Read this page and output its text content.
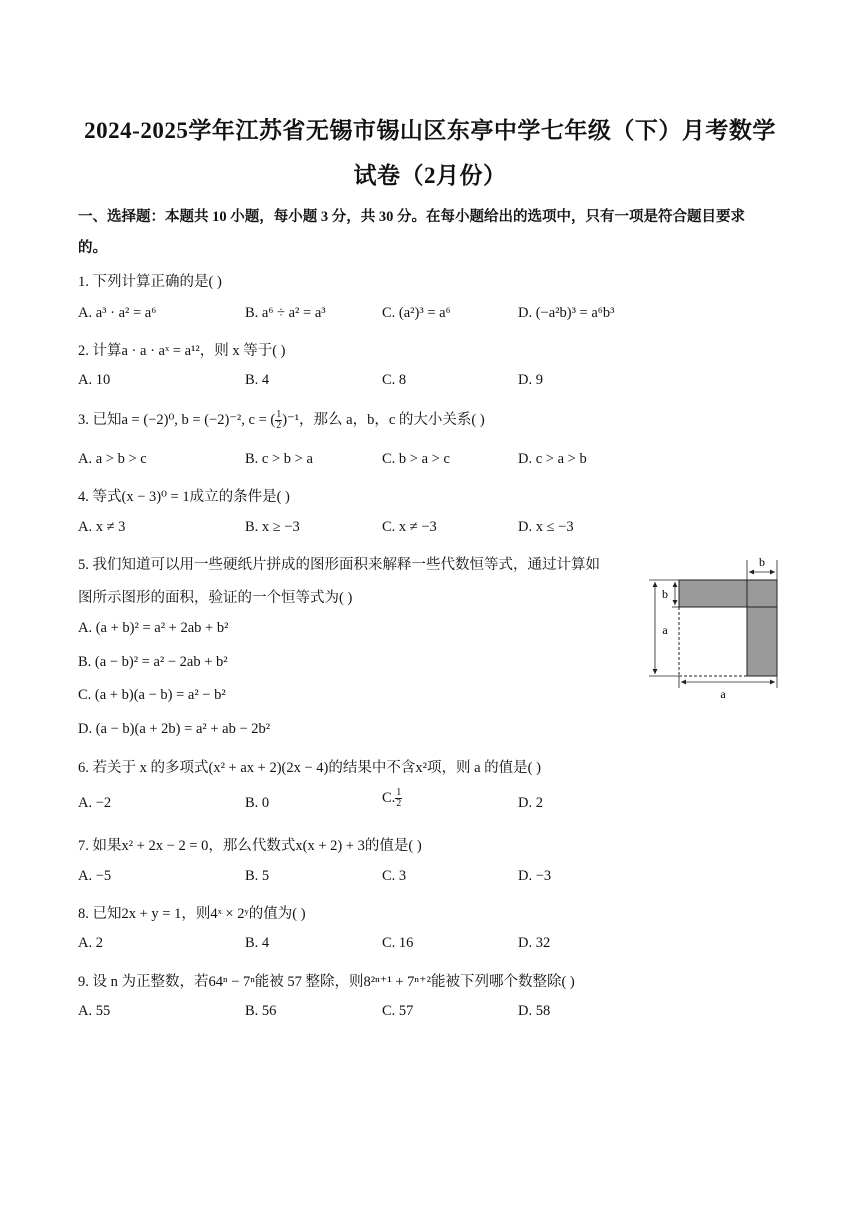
2024-2025学年江苏省无锡市锡山区东亭中学七年级（下）月考数学
试卷（2月份）
一、选择题：本题共 10 小题，每小题 3 分，共 30 分。在每小题给出的选项中，只有一项是符合题目要求
的。
1. 下列计算正确的是( )
A. a³ · a² = a⁶	B. a⁶ ÷ a² = a³	C. (a²)³ = a⁶	D. (−a²b)³ = a⁶b³
2. 计算a · a · aˣ = a¹²，则 x 等于( )
A. 10	B. 4	C. 8	D. 9
3. 已知a = (−2)⁰, b = (−2)⁻², c = ( $\frac{1}{2} )^{-1}$，那么 a，b，c 的大小关系( )
A. a > b > c	B. c > b > a	C. b > a > c	D. c > a > b
4. 等式(x − 3)⁰ = 1成立的条件是( )
A. x ≠ 3	B. x ≥ −3	C. x ≠ −3	D. x ≤ −3
5. 我们知道可以用一些硬纸片拼成的图形面积来解释一些代数恒等式，通过计算如
图所示图形的面积，验证的一个恒等式为( )
A. (a + b)² = a² + 2ab + b²
B. (a − b)² = a² − 2ab + b²
C. (a + b)(a − b) = a² − b²
D. (a − b)(a + 2b) = a² + ab − 2b²
b
b
a
a
6. 若关于 x 的多项式(x² + ax + 2)(2x − 4)的结果中不含x²项，则 a 的值是( )
A. −2	B. 0	C. $\frac{1}{2}$	D. 2
7. 如果x² + 2x − 2 = 0，那么代数式x(x + 2) + 3的值是( )
A. −5	B. 5	C. 3	D. −3
8. 已知2x + y = 1，则4ˣ × 2ʸ的值为( )
A. 2	B. 4	C. 16	D. 32
9. 设 n 为正整数，若64ⁿ − 7ⁿ能被 57 整除，则8²ⁿ⁺¹ + 7ⁿ⁺²能被下列哪个数整除( )
A. 55	B. 56	C. 57	D. 58
